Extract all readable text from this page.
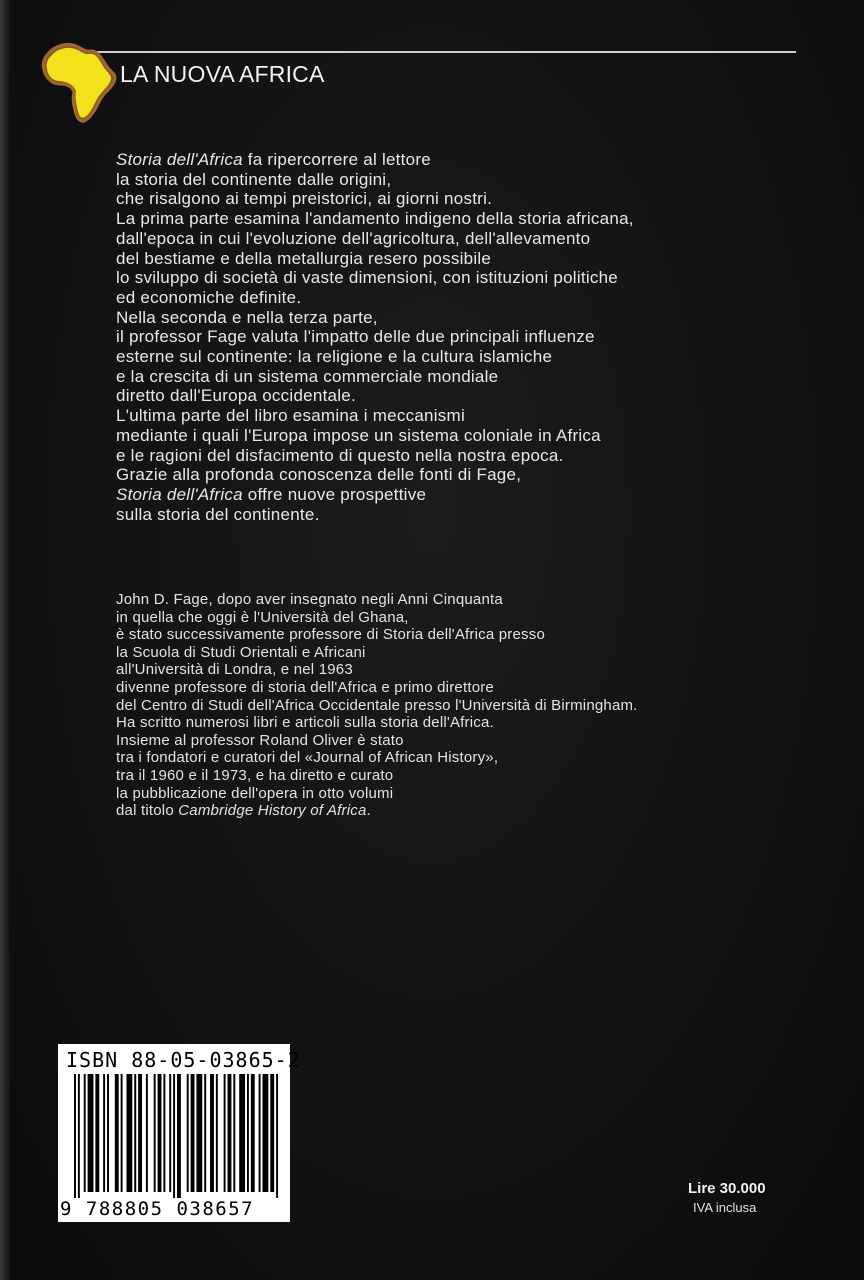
LA NUOVA AFRICA
Storia dell'Africa fa ripercorrere al lettore
la storia del continente dalle origini,
che risalgono ai tempi preistorici, ai giorni nostri.
La prima parte esamina l'andamento indigeno della storia africana,
dall'epoca in cui l'evoluzione dell'agricoltura, dell'allevamento
del bestiame e della metallurgia resero possibile
lo sviluppo di società di vaste dimensioni, con istituzioni politiche
ed economiche definite.
Nella seconda e nella terza parte,
il professor Fage valuta l'impatto delle due principali influenze
esterne sul continente: la religione e la cultura islamiche
e la crescita di un sistema commerciale mondiale
diretto dall'Europa occidentale.
L'ultima parte del libro esamina i meccanismi
mediante i quali l'Europa impose un sistema coloniale in Africa
e le ragioni del disfacimento di questo nella nostra epoca.
Grazie alla profonda conoscenza delle fonti di Fage,
Storia dell'Africa offre nuove prospettive
sulla storia del continente.
John D. Fage, dopo aver insegnato negli Anni Cinquanta
in quella che oggi è l'Università del Ghana,
è stato successivamente professore di Storia dell'Africa presso
la Scuola di Studi Orientali e Africani
all'Università di Londra, e nel 1963
divenne professore di storia dell'Africa e primo direttore
del Centro di Studi dell'Africa Occidentale presso l'Università di Birmingham.
Ha scritto numerosi libri e articoli sulla storia dell'Africa.
Insieme al professor Roland Oliver è stato
tra i fondatori e curatori del «Journal of African History»,
tra il 1960 e il 1973, e ha diretto e curato
la pubblicazione dell'opera in otto volumi
dal titolo Cambridge History of Africa.
ISBN 88-05-03865-2
9 788805 038657
Lire 30.000
IVA inclusa
